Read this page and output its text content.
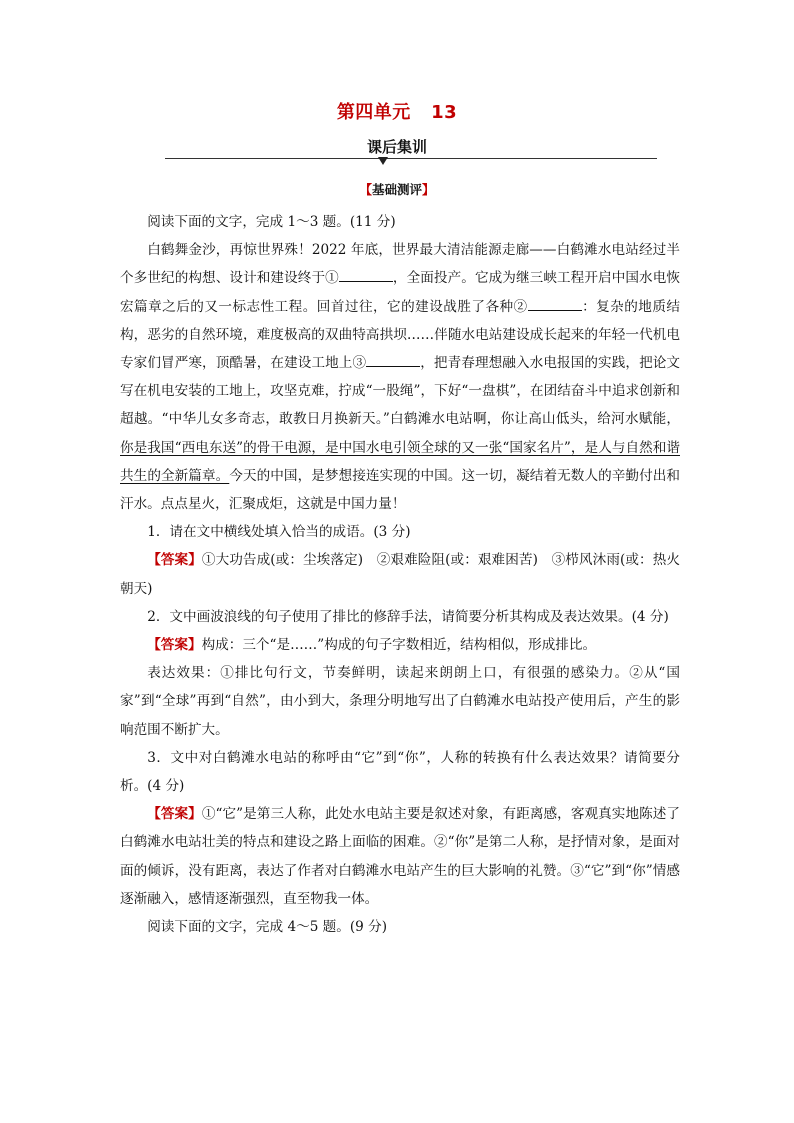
第四单元 13
课后集训
【基础测评】

阅读下面的文字，完成 1～3 题。(11 分)

白鹤舞金沙，再惊世界殊！2022 年底，世界最大清洁能源走廊——白鹤滩水电站经过半个多世纪的构想、设计和建设终于①	，全面投产。它成为继三峡工程开启中国水电恢宏篇章之后的又一标志性工程。回首过往，它的建设战胜了各种②	：复杂的地质结构，恶劣的自然环境，难度极高的双曲特高拱坝……伴随水电站建设成长起来的年轻一代机电专家们冒严寒，顶酷暑，在建设工地上③	，把青春理想融入水电报国的实践，把论文写在机电安装的工地上，攻坚克难，拧成“一股绳”，下好“一盘棋”，在团结奋斗中追求创新和超越。“中华儿女多奇志，敢教日月换新天。”白鹤滩水电站啊，你让高山低头，给河水赋能，你是我国“西电东送”的骨干电源，是中国水电引领全球的又一张“国家名片”，是人与自然和谐共生的全新篇章。今天的中国，是梦想接连实现的中国。这一切，凝结着无数人的辛勤付出和汗水。点点星火，汇聚成炬，这就是中国力量！

1．请在文中横线处填入恰当的成语。(3 分)

【答案】①大功告成(或：尘埃落定)　②艰难险阻(或：艰难困苦)　③栉风沐雨(或：热火朝天)

2．文中画波浪线的句子使用了排比的修辞手法，请简要分析其构成及表达效果。(4 分)

【答案】构成：三个“是……”构成的句子字数相近，结构相似，形成排比。

表达效果：①排比句行文，节奏鲜明，读起来朗朗上口，有很强的感染力。②从“国家”到“全球”再到“自然”，由小到大，条理分明地写出了白鹤滩水电站投产使用后，产生的影响范围不断扩大。

3．文中对白鹤滩水电站的称呼由“它”到“你”，人称的转换有什么表达效果？请简要分析。(4 分)

【答案】①“它”是第三人称，此处水电站主要是叙述对象，有距离感，客观真实地陈述了白鹤滩水电站壮美的特点和建设之路上面临的困难。②“你”是第二人称，是抒情对象，是面对面的倾诉，没有距离，表达了作者对白鹤滩水电站产生的巨大影响的礼赞。③“它”到“你”情感逐渐融入，感情逐渐强烈，直至物我一体。

阅读下面的文字，完成 4～5 题。(9 分)
